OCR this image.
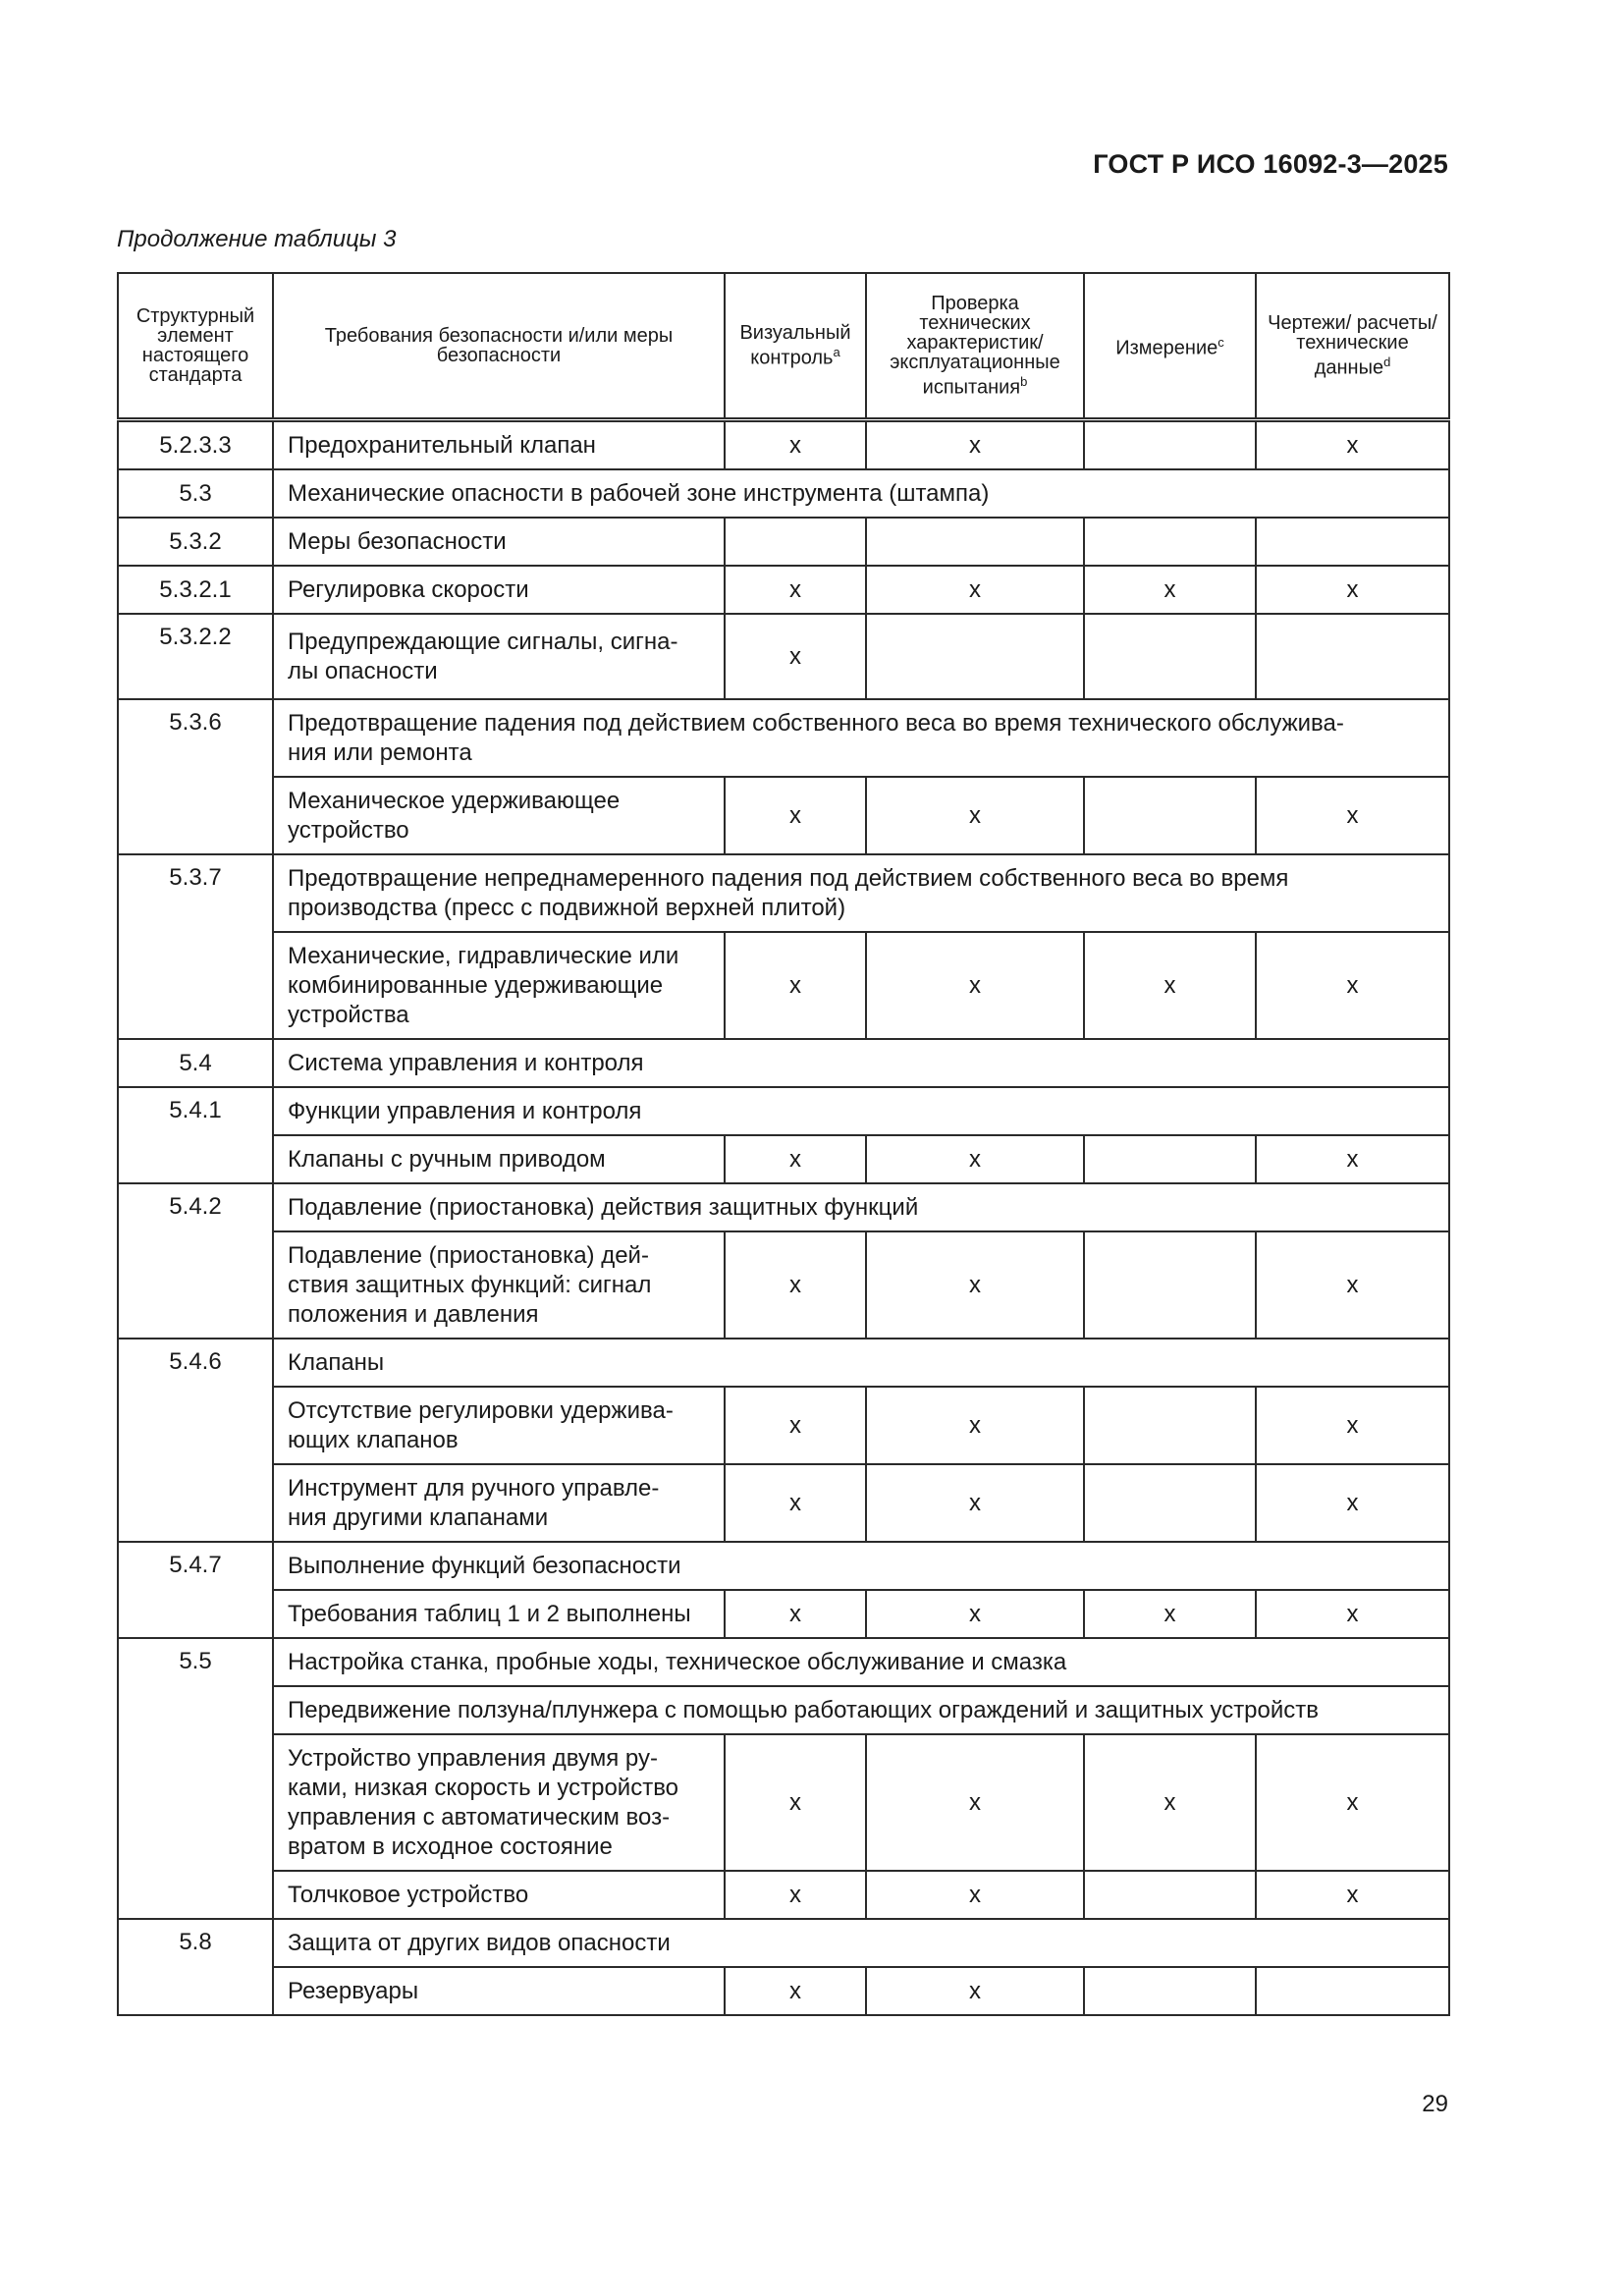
ГОСТ Р ИСО 16092-3—2025
Продолжение таблицы 3
Структурный элемент настоящего стандарта	Требования безопасности и/или меры безопасности	Визуальный контроль$^a$	Проверка технических характеристик/ эксплуатационные испытания$^b$	Измерение$^c$	Чертежи/ расчеты/ технические данные$^d$
5.2.3.3	Предохранительный клапан	x	x		x
5.3	Механические опасности в рабочей зоне инструмента (штампа)				
5.3.2	Меры безопасности				
5.3.2.1	Регулировка скорости	x	x	x	x
5.3.2.2	Предупреждающие сигналы, сигна-
лы опасности	x			
5.3.6	Предотвращение падения под действием собственного веса во время технического обслужива-
ния или ремонта				
	Механическое удерживающее
устройство	x	x		x
5.3.7	Предотвращение непреднамеренного падения под действием собственного веса во время
производства (пресс с подвижной верхней плитой)				
	Механические, гидравлические или
комбинированные удерживающие
устройства	x	x	x	x
5.4	Система управления и контроля				
5.4.1	Функции управления и контроля				
	Клапаны с ручным приводом	x	x		x
5.4.2	Подавление (приостановка) действия защитных функций				
	Подавление (приостановка) дей-
ствия защитных функций: сигнал
положения и давления	x	x		x
5.4.6	Клапаны				
	Отсутствие регулировки удержива-
ющих клапанов	x	x		x
	Инструмент для ручного управле-
ния другими клапанами	x	x		x
5.4.7	Выполнение функций безопасности				
	Требования таблиц 1 и 2 выполнены	x	x	x	x
5.5	Настройка станка, пробные ходы, техническое обслуживание и смазка				
	Передвижение ползуна/плунжера с помощью работающих ограждений и защитных устройств				
	Устройство управления двумя ру-
ками, низкая скорость и устройство
управления с автоматическим воз-
вратом в исходное состояние	x	x	x	x
	Толчковое устройство	x	x		x
5.8	Защита от других видов опасности				
	Резервуары	x	x		
29
